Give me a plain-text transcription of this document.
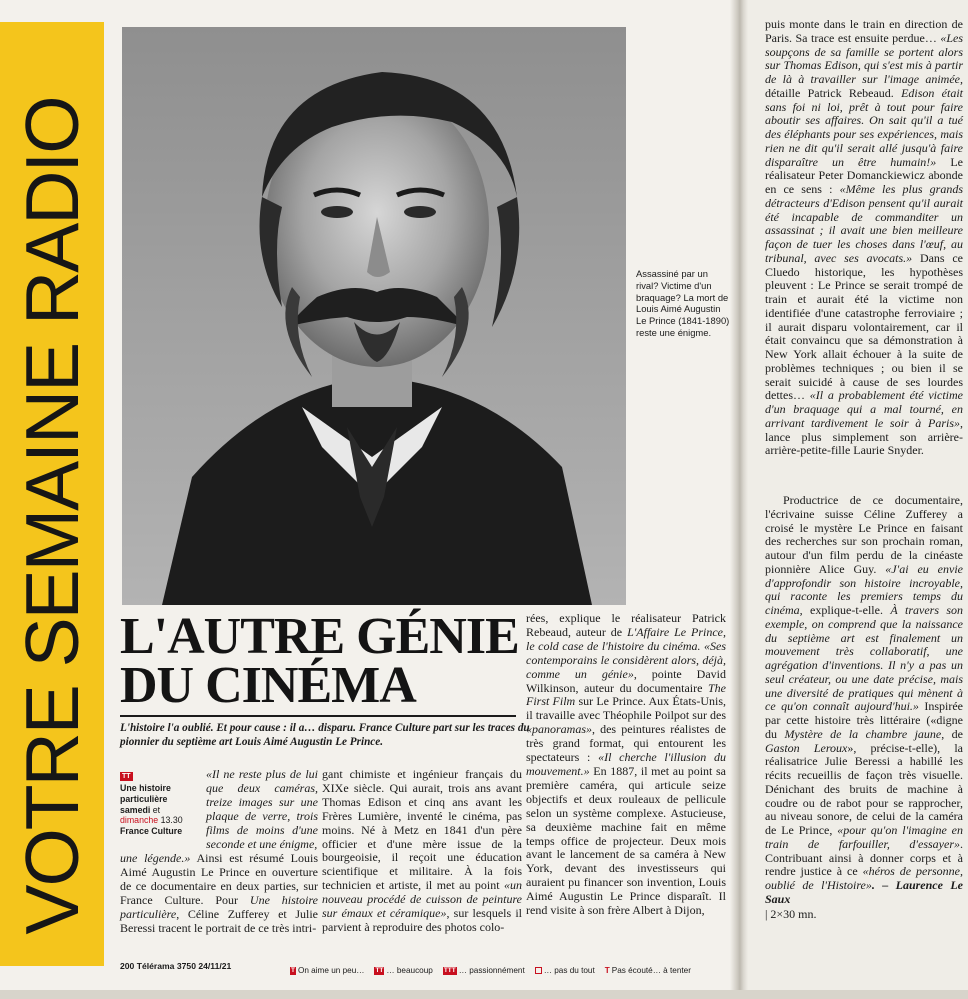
VOTRE SEMAINE RADIO	Assassiné par un rival? Victime d'un braquage? La mort de Louis Aimé Augustin Le Prince (1841-1890) reste une énigme.
L'AUTRE GÉNIE
DU CINÉMA
L'histoire l'a oublié. Et pour cause : il a… disparu. France Culture part sur les traces du pionnier du septième art Louis Aimé Augustin Le Prince.
TT
Une histoire particulière
samedi et
dimanche 13.30
France Culture

«Il ne reste plus de lui que deux caméras, treize images sur une plaque de verre, trois films de moins d'une seconde et une énigme,

une légende.» Ainsi est résumé Louis Aimé Augustin Le Prince en ouverture de ce documentaire en deux parties, sur France Culture. Pour Une histoire particulière, Céline Zufferey et Julie Beressi tracent le portrait de ce très intri-

gant chimiste et ingénieur français du XIXe siècle. Qui aurait, trois ans avant Thomas Edison et cinq ans avant les Frères Lumière, inventé le cinéma, pas moins. Né à Metz en 1841 d'un père officier et d'une mère issue de la bourgeoisie, il reçoit une éducation scientifique et militaire. À la fois technicien et artiste, il met au point «un nouveau procédé de cuisson de peinture sur émaux et céramique», sur lesquels il parvient à reproduire des photos colo-

rées, explique le réalisateur Patrick Rebeaud, auteur de L'Affaire Le Prince, le cold case de l'histoire du cinéma. «Ses contemporains le considèrent alors, déjà, comme un génie», pointe David Wilkinson, auteur du documentaire The First Film sur Le Prince. Aux États-Unis, il travaille avec Théophile Poilpot sur des «panoramas», des peintures réalistes de très grand format, qui entourent les spectateurs : «Il cherche l'illusion du mouvement.» En 1887, il met au point sa première caméra, qui articule seize objectifs et deux rouleaux de pellicule selon un système complexe. Astucieuse, sa deuxième machine fait en même temps office de projecteur. Deux mois avant le lancement de sa caméra à New York, devant des investisseurs qui auraient pu financer son invention, Louis Aimé Augustin Le Prince disparaît. Il rend visite à son frère Albert à Dijon,

puis monte dans le train en direction de Paris. Sa trace est ensuite perdue… «Les soupçons de sa famille se portent alors sur Thomas Edison, qui s'est mis à partir de là à travailler sur l'image animée, détaille Patrick Rebeaud. Edison était sans foi ni loi, prêt à tout pour faire aboutir ses affaires. On sait qu'il a tué des éléphants pour ses expériences, mais rien ne dit qu'il serait allé jusqu'à faire disparaître un être humain!» Le réalisateur Peter Domanckiewicz abonde en ce sens : «Même les plus grands détracteurs d'Edison pensent qu'il aurait été incapable de commanditer un assassinat ; il avait une bien meilleure façon de tuer les choses dans l'œuf, au tribunal, avec ses avocats.» Dans ce Cluedo historique, les hypothèses pleuvent : Le Prince se serait trompé de train et aurait été la victime non identifiée d'une catastrophe ferroviaire ; il aurait disparu volontairement, car il était convaincu que sa démonstration à New York allait échouer à la suite de problèmes techniques ; ou bien il se serait suicidé à cause de ses lourdes dettes… «Il a probablement été victime d'un braquage qui a mal tourné, en arrivant tardivement le soir à Paris», lance plus simplement son arrière-arrière-petite-fille Laurie Snyder.

Productrice de ce documentaire, l'écrivaine suisse Céline Zufferey a croisé le mystère Le Prince en faisant des recherches sur son prochain roman, autour d'un film perdu de la cinéaste pionnière Alice Guy. «J'ai eu envie d'approfondir son histoire incroyable, qui raconte les premiers temps du cinéma, explique-t-elle. À travers son exemple, on comprend que la naissance du septième art est finalement un mouvement très collaboratif, une agrégation d'inventions. Il n'y a pas un seul créateur, ou une date précise, mais une diversité de pratiques qui mènent à ce qu'on connaît aujourd'hui.» Inspirée par cette histoire très littéraire («digne du Mystère de la chambre jaune, de Gaston Leroux», précise-t-elle), la réalisatrice Julie Beressi a habillé les récits recueillis de façon très visuelle. Dénichant des bruits de machine à coudre ou de rabot pour se rapprocher, au niveau sonore, de celui de la caméra de Le Prince, «pour qu'on l'imagine en train de farfouiller, d'essayer». Contribuant ainsi à donner corps et à rendre justice à ce «héros de personne, oublié de l'Histoire». – Laurence Le Saux

| 2×30 mn.

200 Télérama 3750 24/11/21	T On aime un peu… TT … beaucoup TTT … passionnément … pas du tout T Pas écouté… à tenter
